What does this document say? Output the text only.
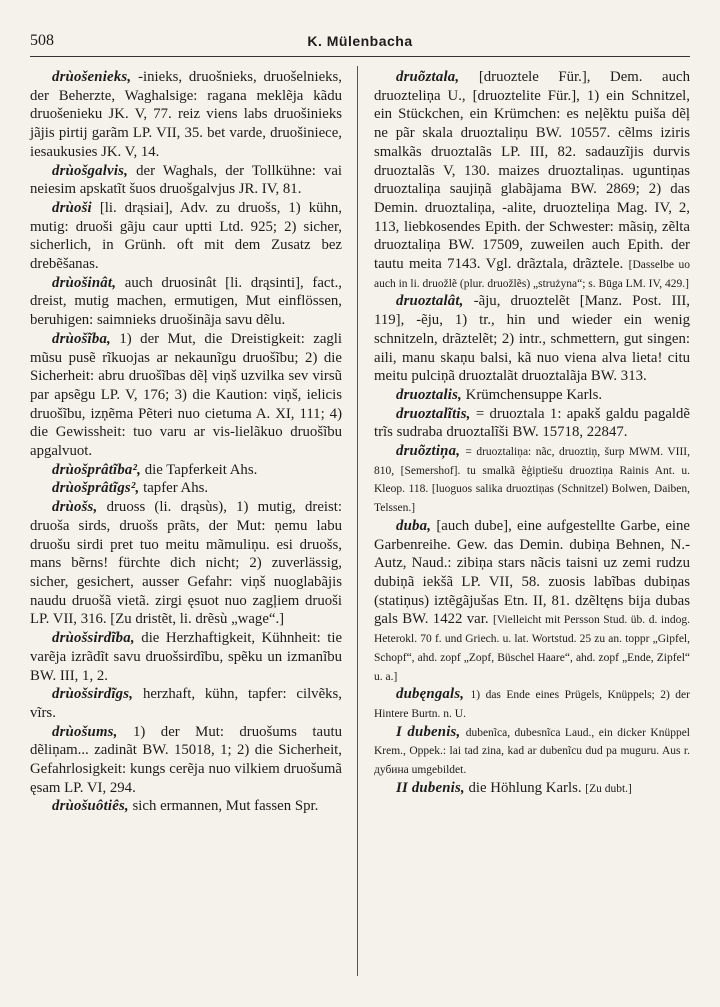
508	K. Mülenbacha

drùošenieks, -inieks, druošnieks, druošelnieks, der Beherzte, Waghalsige: ragana meklẽja kãdu druošenieku JK. V, 77. reiz viens labs druošinieks jãjis pirtij garãm LP. VII, 35. bet varde, druošiniece, iesaukusies JK. V, 14.

drùošgalvis, der Waghals, der Tollkühne: vai neiesim apskatĩt šuos druošgalvjus JR. IV, 81.

drùoši [li. drąsiai], Adv. zu druošs, 1) kühn, mutig: druoši gãju caur uptti Ltd. 925; 2) sicher, sicherlich, in Grünh. oft mit dem Zusatz bez drebẽšanas.

drùošinât, auch druosinât [li. drąsinti], fact., dreist, mutig machen, ermutigen, Mut einflössen, beruhigen: saimnieks druošinãja savu dẽlu.

drùošĩba, 1) der Mut, die Dreistigkeit: zagli mũsu pusẽ rĩkuojas ar nekaunĩgu druošĩbu; 2) die Sicherheit: abru druošĩbas dẽļ viņš uzvilka sev virsũ par apsẽgu LP. V, 176; 3) die Kaution: viņš, ielicis druošĩbu, izņẽma Pẽteri nuo cietuma A. XI, 111; 4) die Gewissheit: tuo varu ar vis-lielãkuo druošĩbu apgalvuot.

drùošprâtĩba², die Tapferkeit Ahs.

drùošprâtĩgs², tapfer Ahs.

drùošs, druoss (li. drąsùs), 1) mutig, dreist: druoša sirds, druošs prãts, der Mut: ņemu labu druošu sirdi pret tuo meitu mãmuliņu. esi druošs, mans bẽrns! fürchte dich nicht; 2) zuverlässig, sicher, gesichert, ausser Gefahr: viņš nuoglabãjis naudu druošã vietã. zirgi ęsuot nuo zagļiem druoši LP. VII, 316. [Zu dristẽt, li. drẽsù „wage“.]

drùošsirdĩba, die Herzhaftigkeit, Kühnheit: tie varẽja izrãdĩt savu druošsirdĩbu, spẽku un izmanĩbu BW. III, 1, 2.

drùošsirdĩgs, herzhaft, kühn, tapfer: cilvẽks, vĩrs.

drùošums, 1) der Mut: druošums tautu dẽliņam... zadinãt BW. 15018, 1; 2) die Sicherheit, Gefahrlosigkeit: kungs cerẽja nuo vilkiem druošumã ęsam LP. VI, 294.

drùošuôtiês, sich ermannen, Mut fassen Spr.

druõztala, [druoztele Für.], Dem. auch druozteliņa U., [druoztelite Für.], 1) ein Schnitzel, ein Stückchen, ein Krümchen: es neļẽktu puiša dẽļ ne pãr skala druoztaliņu BW. 10557. cẽlms iziris smalkãs druoztalãs LP. III, 82. sadauzĩjis durvis druoztalãs V, 130. maizes druoztaliņas. uguntiņas druoztaliņa saujiņã glabãjama BW. 2869; 2) das Demin. druoztaliņa, -alite, druozteliņa Mag. IV, 2, 113, liebkosendes Epith. der Schwester: mãsiņ, zẽlta druoztaliņa BW. 17509, zuweilen auch Epith. der tautu meita 7143. Vgl. drãztala, drãztele. [Dasselbe uo auch in li. druožlẽ (plur. druožlẽs) „strużyna“; s. Būga LM. IV, 429.]

druoztalât, -ãju, druoztelẽt [Manz. Post. III, 119], -ẽju, 1) tr., hin und wieder ein wenig schnitzeln, drãztelẽt; 2) intr., schmettern, gut singen: aili, manu skaņu balsi, kã nuo viena alva lieta! citu meitu pulciņã druoztalãt druoztalãja BW. 313.

druoztalis, Krümchensuppe Karls.

druoztalĩtis, = druoztala 1: apakš galdu pagaldẽ trĩs sudraba druoztalĩši BW. 15718, 22847.

druõztiņa, = druoztaliņa: nãc, druoztiņ, šurp MWM. VIII, 810, [Semershof]. tu smalkã ẽģiptiešu druoztiņa Rainis Ant. u. Kleop. 118. [luoguos salika druoztiņas (Schnitzel) Bolwen, Daiben, Telssen.]

duba, [auch dube], eine aufgestellte Garbe, eine Garbenreihe. Gew. das Demin. dubiņa Behnen, N.-Autz, Naud.: zibiņa stars nãcis taisni uz zemi rudzu dubiņã iekšã LP. VII, 58. zuosis labĩbas dubiņas (statiņus) iztẽgãjušas Etn. II, 81. dzẽltęns bija dubas gals BW. 1422 var. [Vielleicht mit Persson Stud. üb. d. indog. Heterokl. 70 f. und Griech. u. lat. Wortstud. 25 zu an. toppr „Gipfel, Schopf“, ahd. zopf „Zopf, Büschel Haare“, ahd. zopf „Ende, Zipfel“ u. a.]

dubęngals, 1) das Ende eines Prügels, Knüppels; 2) der Hintere Burtn. n. U.

I dubenis, dubenĩca, dubesnĩca Laud., ein dicker Knüppel Krem., Oppek.: lai tad zina, kad ar dubenĩcu dud pa muguru. Aus r. дубина umgebildet.

II dubenis, die Höhlung Karls. [Zu dubt.]
